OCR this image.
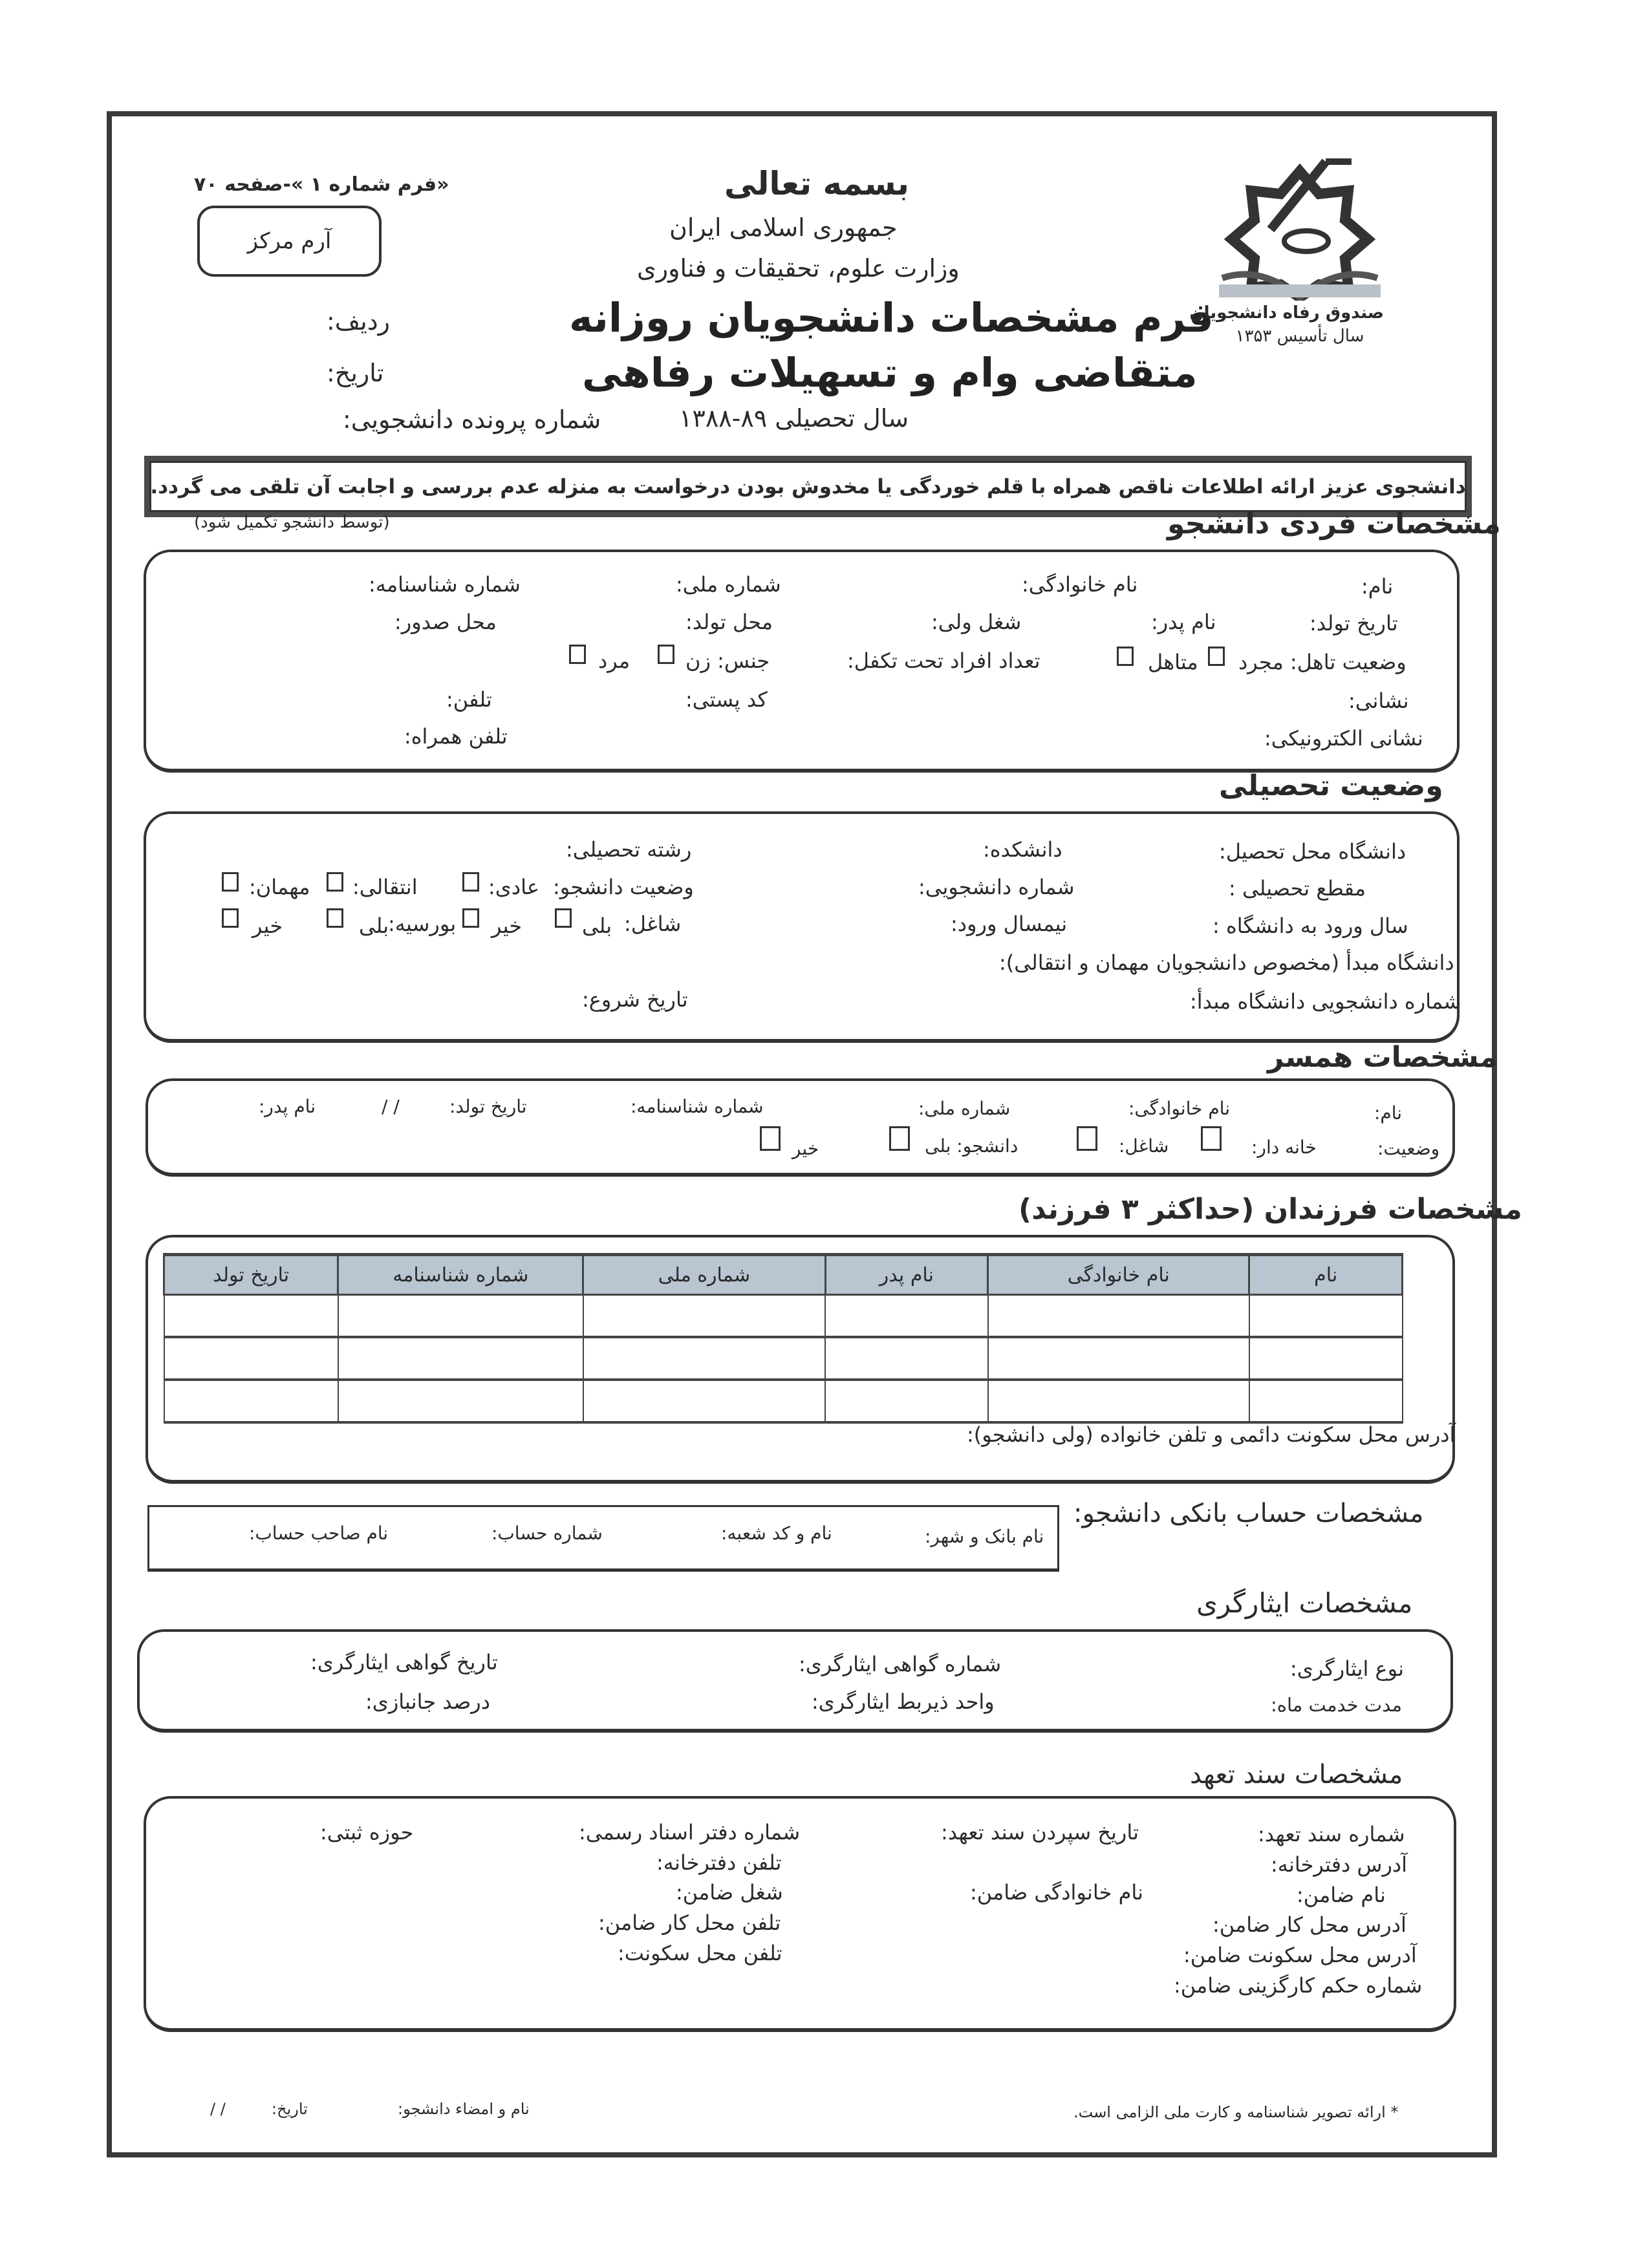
بسمه تعالی
جمهوری اسلامی ایران
وزارت علوم، تحقیقات و فناوری
فرم مشخصات دانشجویان روزانه
متقاضی وام و تسهیلات رفاهی
سال تحصیلی ۸۹-۱۳۸۸
«فرم شماره ۱ »-صفحه ۷۰
آرم مرکز
ردیف:
تاریخ:
شماره پرونده دانشجویی:
صندوق رفاه دانشجویان
سال تأسیس ۱۳۵۳
دانشجوی عزیز ارائه اطلاعات ناقص همراه با قلم خوردگی یا مخدوش بودن درخواست به منزله عدم بررسی و اجابت آن تلقی می گردد.
مشخصات فردی دانشجو
(توسط دانشجو تکمیل شود)
نام:
نام خانوادگی:
شماره ملی:
شماره شناسنامه:
تاریخ تولد:
نام پدر:
شغل ولی:
محل تولد:
محل صدور:
وضعیت تاهل: مجرد
متاهل
تعداد افراد تحت تکفل:
جنس: زن
مرد
نشانی:
کد پستی:
تلفن:
نشانی الکترونیکی:
تلفن همراه:
وضعیت تحصیلی
دانشگاه محل تحصیل:
دانشکده:
رشته تحصیلی:
مقطع تحصیلی :
شماره دانشجویی:
وضعیت دانشجو:
عادی:
انتقالی:
مهمان:
سال ورود به دانشگاه :
نیمسال ورود:
شاغل:
بلی
خیر
بورسیه:
بلی
خیر
دانشگاه مبدأ (مخصوص دانشجویان مهمان و انتقالی):
شماره دانشجویی دانشگاه مبدأ:
تاریخ شروع:
مشخصات همسر
نام:
نام خانوادگی:
شماره ملی:
شماره شناسنامه:
تاریخ تولد:
/ /
نام پدر:
وضعیت:
خانه دار:
شاغل:
دانشجو: بلی
خیر
مشخصات فرزندان (حداکثر ۳ فرزند)
نام	نام خانوادگی	نام پدر	شماره ملی	شماره شناسنامه	تاریخ تولد

آدرس محل سکونت دائمی و تلفن خانواده (ولی دانشجو):
مشخصات حساب بانکی دانشجو:
نام بانک و شهر:
نام و کد شعبه:
شماره حساب:
نام صاحب حساب:
مشخصات ایثارگری
نوع ایثارگری:
شماره گواهی ایثارگری:
تاریخ گواهی ایثارگری:
مدت خدمت ماه:
واحد ذیربط ایثارگری:
درصد جانبازی:
مشخصات سند تعهد
شماره سند تعهد:
تاریخ سپردن سند تعهد:
شماره دفتر اسناد رسمی:
حوزه ثبتی:
آدرس دفترخانه:
تلفن دفترخانه:
نام ضامن:
نام خانوادگی ضامن:
شغل ضامن:
آدرس محل کار ضامن:
تلفن محل کار ضامن:
آدرس محل سکونت ضامن:
تلفن محل سکونت:
شماره حکم کارگزینی ضامن:
* ارائه تصویر شناسنامه و کارت ملی الزامی است.
نام و امضاء دانشجو:
تاریخ:
/ /
